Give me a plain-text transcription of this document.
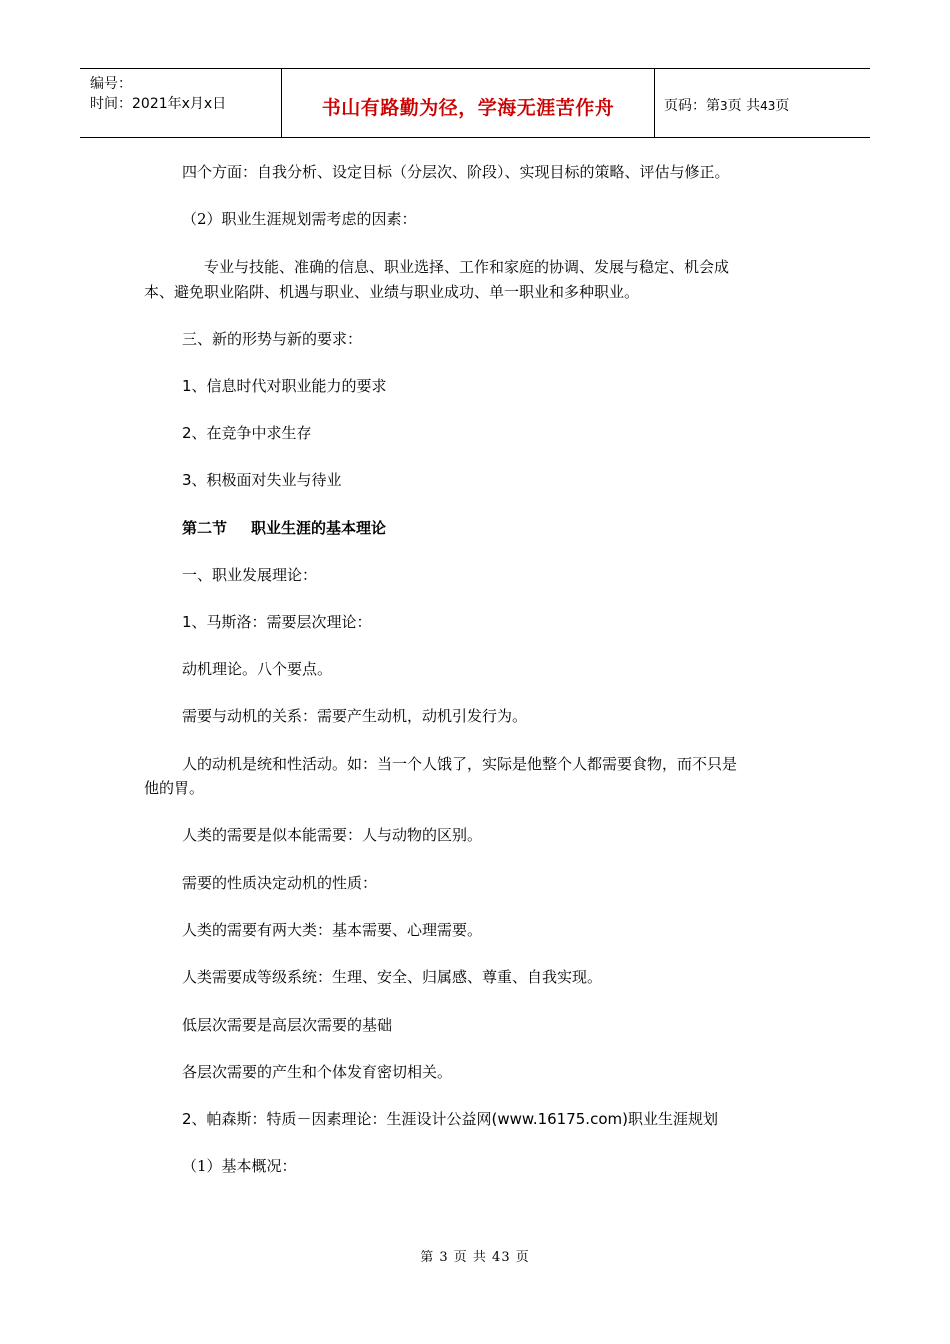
编号：
时间：2021年x月x日	书山有路勤为径，学海无涯苦作舟	页码：第3页 共43页
四个方面：自我分析、设定目标（分层次、阶段）、实现目标的策略、评估与修正。
（2）职业生涯规划需考虑的因素：
专业与技能、准确的信息、职业选择、工作和家庭的协调、发展与稳定、机会成
本、避免职业陷阱、机遇与职业、业绩与职业成功、单一职业和多种职业。
三、新的形势与新的要求：
1、信息时代对职业能力的要求
2、在竞争中求生存
3、积极面对失业与待业
第二节 职业生涯的基本理论
一、职业发展理论：
1、马斯洛：需要层次理论：
动机理论。八个要点。
需要与动机的关系：需要产生动机，动机引发行为。
人的动机是统和性活动。如：当一个人饿了，实际是他整个人都需要食物，而不只是
他的胃。
人类的需要是似本能需要：人与动物的区别。
需要的性质决定动机的性质：
人类的需要有两大类：基本需要、心理需要。
人类需要成等级系统：生理、安全、归属感、尊重、自我实现。
低层次需要是高层次需要的基础
各层次需要的产生和个体发育密切相关。
2、帕森斯：特质－因素理论：生涯设计公益网(www.16175.com)职业生涯规划
（1）基本概况：
第 3 页 共 43 页
